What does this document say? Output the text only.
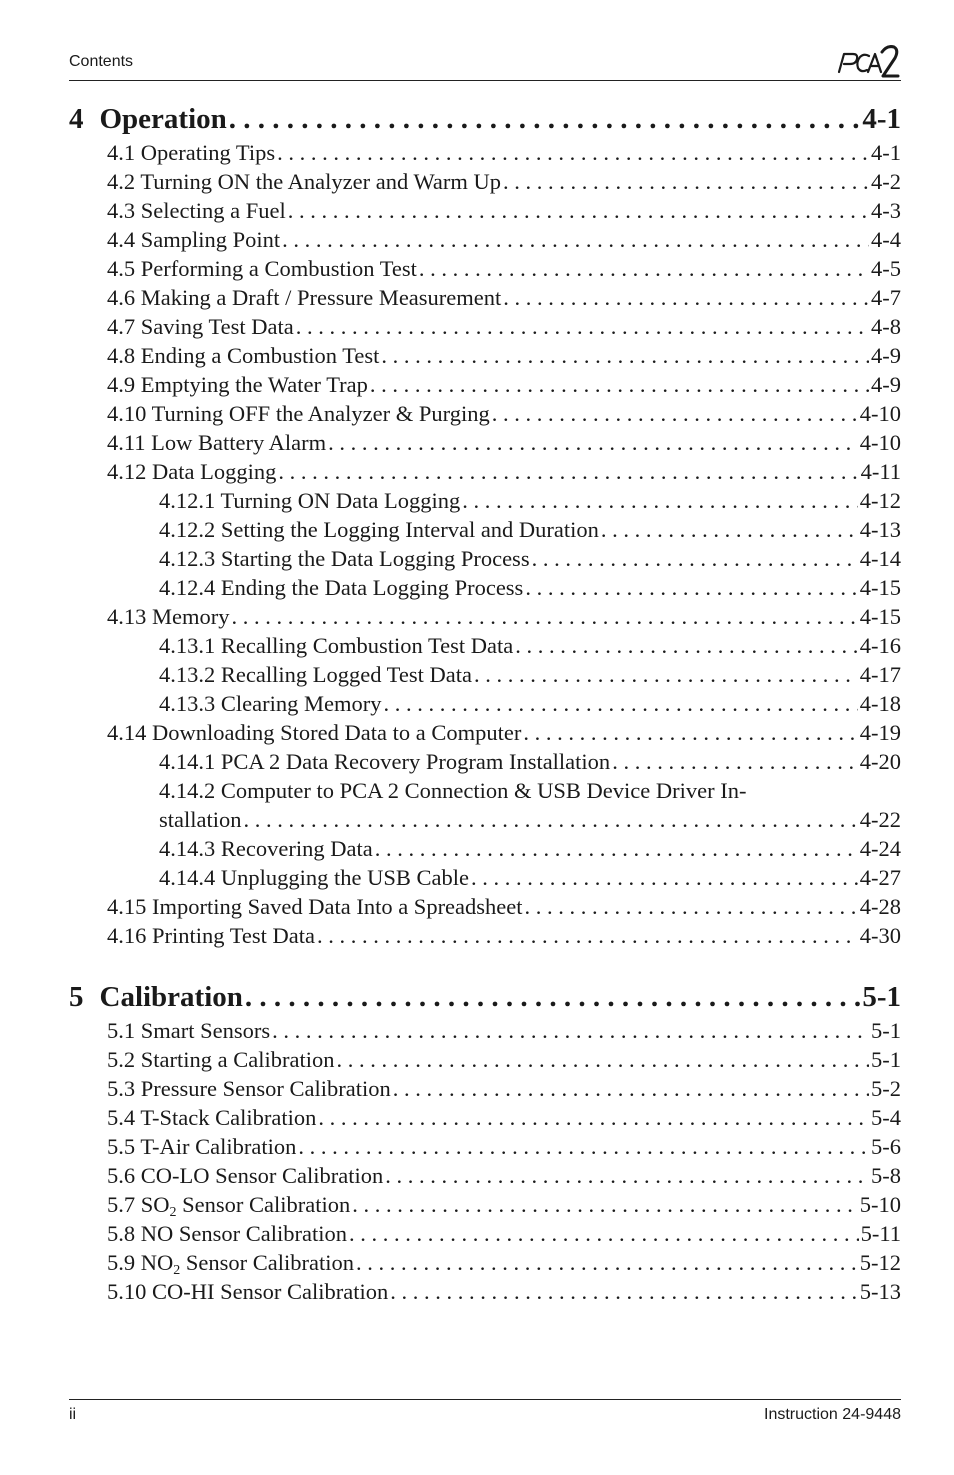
Contents
4 Operation . . .	4-1
4.1 Operating Tips . . .	4-1
4.2 Turning ON the Analyzer and Warm Up . . .	4-2
4.3 Selecting a Fuel . . .	4-3
4.4 Sampling Point . . .	4-4
4.5 Performing a Combustion Test . . .	4-5
4.6 Making a Draft / Pressure Measurement . . .	4-7
4.7 Saving Test Data . . .	4-8
4.8 Ending a Combustion Test . . .	4-9
4.9 Emptying the Water Trap . . .	4-9
4.10 Turning OFF the Analyzer & Purging . . .	4-10
4.11 Low Battery Alarm . . .	4-10
4.12 Data Logging . . .	4-11
4.12.1 Turning ON Data Logging . . .	4-12
4.12.2 Setting the Logging Interval and Duration . . .	4-13
4.12.3 Starting the Data Logging Process . . .	4-14
4.12.4 Ending the Data Logging Process . . .	4-15
4.13 Memory . . .	4-15
4.13.1 Recalling Combustion Test Data . . .	4-16
4.13.2 Recalling Logged Test Data . . .	4-17
4.13.3 Clearing Memory . . .	4-18
4.14 Downloading Stored Data to a Computer . . .	4-19
4.14.1 PCA 2 Data Recovery Program Installation . . .	4-20
4.14.2 Computer to PCA 2 Connection & USB Device Driver In-
stallation . . .	4-22
4.14.3 Recovering Data . . .	4-24
4.14.4 Unplugging the USB Cable . . .	4-27
4.15 Importing Saved Data Into a Spreadsheet . . .	4-28
4.16 Printing Test Data . . .	4-30
5 Calibration . . .	5-1
5.1 Smart Sensors . . .	5-1
5.2 Starting a Calibration . . .	5-1
5.3 Pressure Sensor Calibration . . .	5-2
5.4 T-Stack Calibration . . .	5-4
5.5 T-Air Calibration . . .	5-6
5.6 CO-LO Sensor Calibration . . .	5-8
5.7 $SO_2$ Sensor Calibration . . .	5-10
5.8 NO Sensor Calibration . . .	5-11
5.9 $NO_2$ Sensor Calibration . . .	5-12
5.10 CO-HI Sensor Calibration . . .	5-13
ii	Instruction 24-9448
